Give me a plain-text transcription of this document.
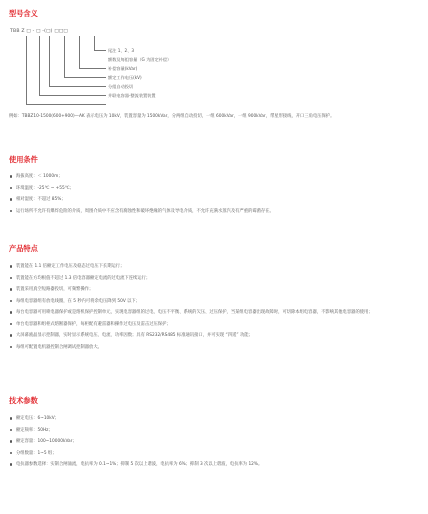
型号含义
TBB Z □ - □ -(□) □□□
尾注 1、2、3
额数及每组容量（G 为固定补偿）
补偿容量(kVar)
额定工作电压(kV)
分组自动投切
并联电容器-整流装置装置
例如：TBBZ10-1500(600+900)—AK 表示电压为 10kV，装置容量为 1500kVar，分两组自动投切，一组 600kVar，一组 900kVar，带星形接线，开口三角电压保护。
使用条件
海拔高度：＜ 1000m；
环境温度：-25℃ ~ +55℃；
相对湿度：不超过 85%；
运行场所不允许有爆炸危险的介质，周围介质中不应含有腐蚀性和破坏绝缘的气体及导电介质，不允许充满水蒸汽及有严重的霉菌存在。
产品特点
装置能在 1.1 倍额定工作电压及稳态过电压下长期运行；
装置能在方均根值不超过 1.3 倍电容器额定电流的过电流下连续运行；
装置采用真空短路器投切，可频繁操作；
每组电容器组有放电线圈，在 5 秒内可将余电压降到 50V 以下；
每台电容器可用喷电器保护或是熔机保护控制单元，实现电容器组的过电、电压不平衡、系统的欠压、过压保护，当某组电容器出现故障时，可切除本组电容器，不影响其他电容器的使用；
单台电容器和组柜式熔断器保护，每柜配有避雷器和操作过电压及雷击过压保护；
大屏幕液晶显示控制器，实时显示系统电压、电流、功率因数；具有 RS232/RS485 标准通讯接口，并可实现 “四遥” 功能；
每组可配置电机器控制合闸调试控制器放大。
技术参数
额定电压：6~10kV；
额定频率：50Hz；
额定容量：100~10000kVar；
分组数量：1~5 组；
电抗器参数选择：实制合闸涌流，电抗率为 0.1~1%；抑制 5 次以上谐波，电抗率为 6%；抑制 3 次以上谐波，电抗率为 12%。
